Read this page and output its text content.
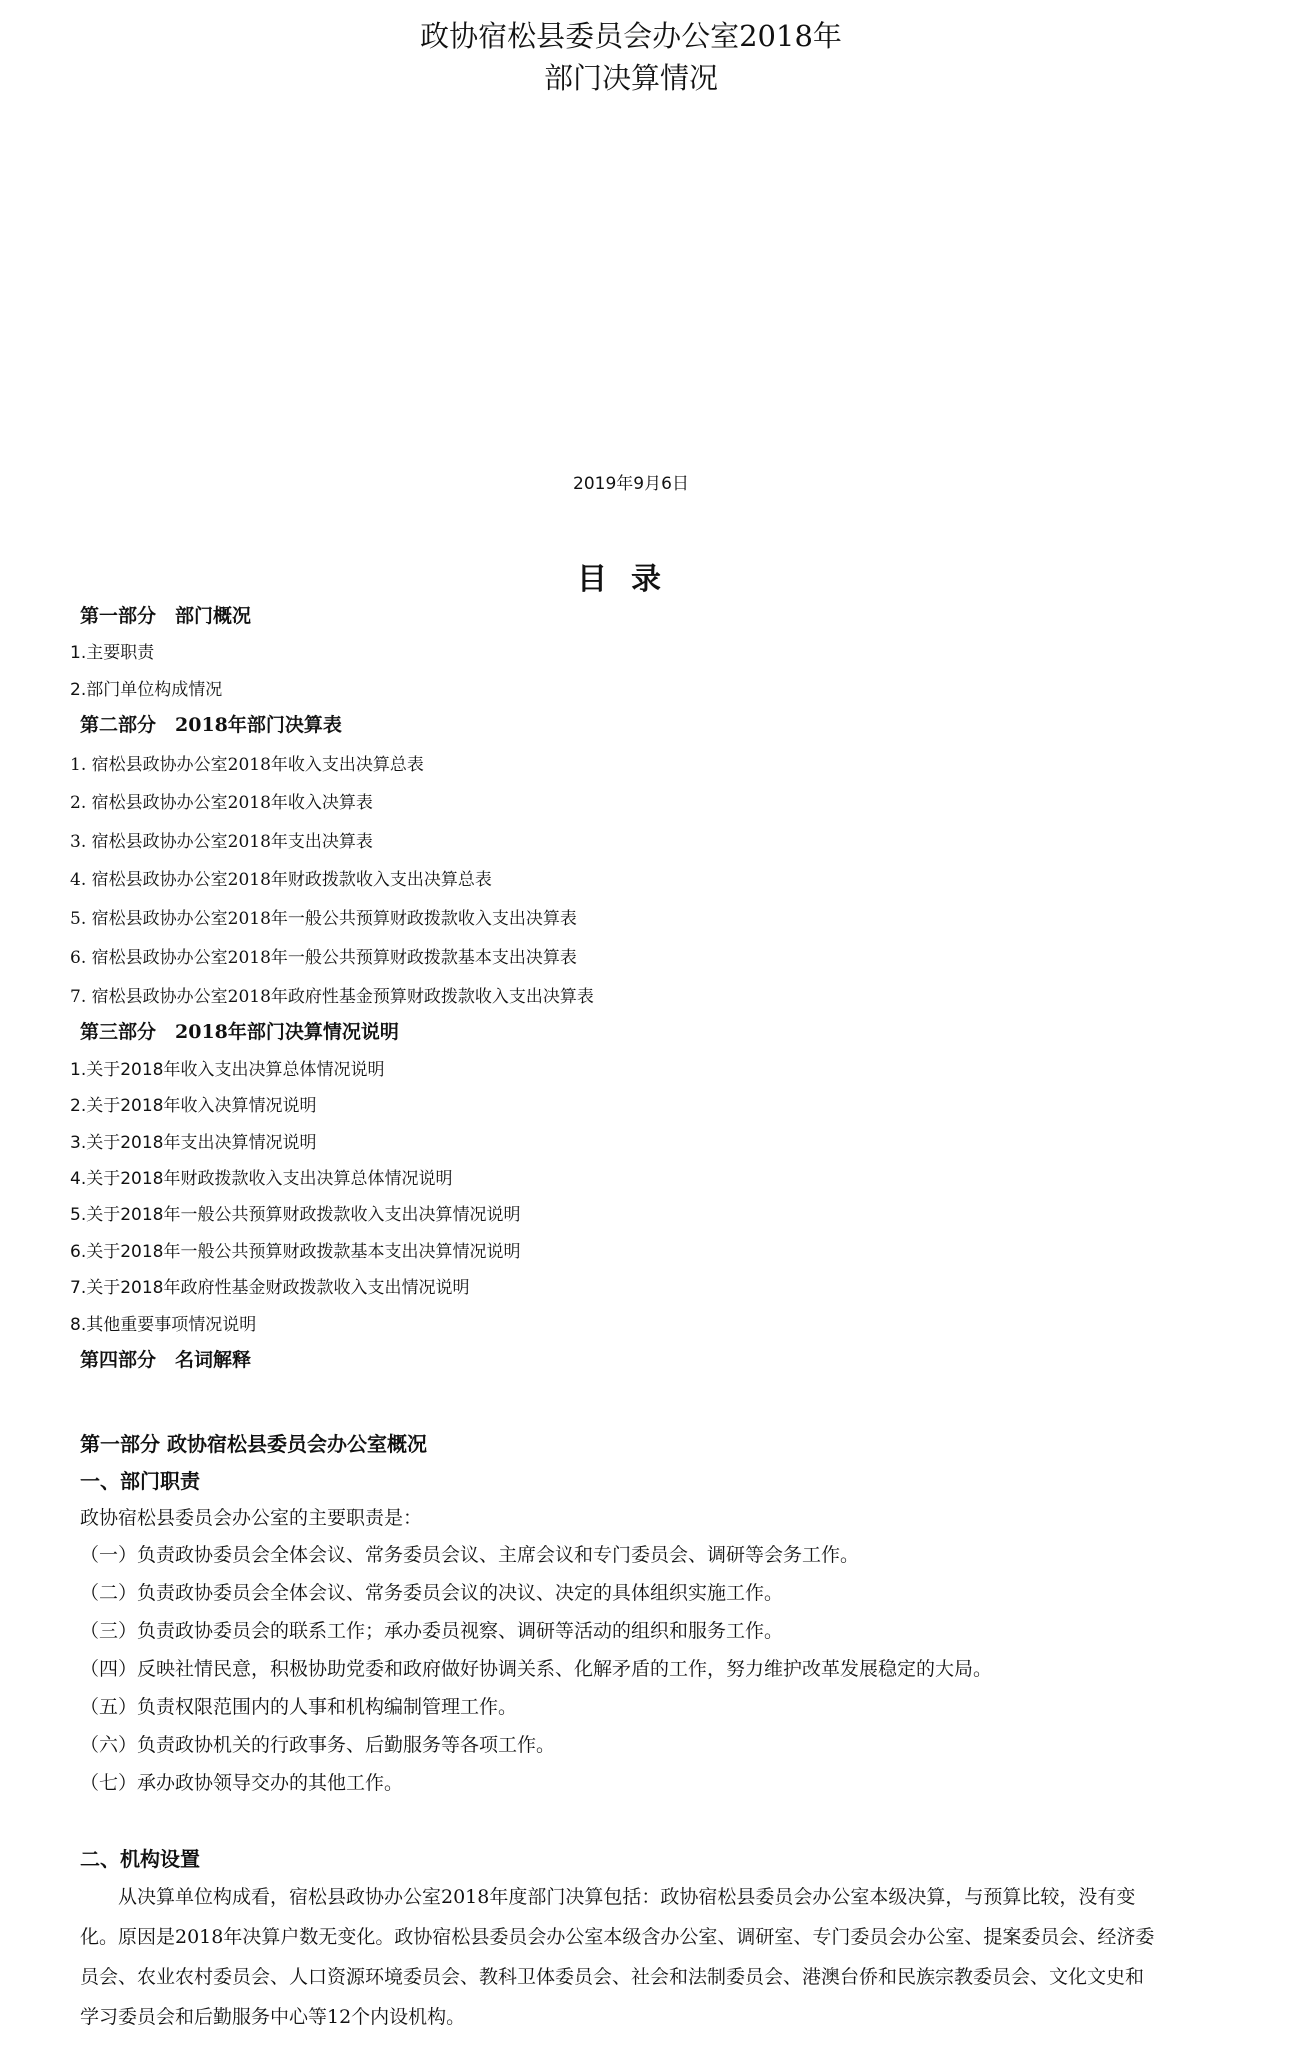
政协宿松县委员会办公室2018年
部门决算情况
2019年9月6日
目录
第一部分　部门概况
1.主要职责
2.部门单位构成情况
第二部分　2018年部门决算表
1. 宿松县政协办公室2018年收入支出决算总表
2. 宿松县政协办公室2018年收入决算表
3. 宿松县政协办公室2018年支出决算表
4. 宿松县政协办公室2018年财政拨款收入支出决算总表
5. 宿松县政协办公室2018年一般公共预算财政拨款收入支出决算表
6. 宿松县政协办公室2018年一般公共预算财政拨款基本支出决算表
7. 宿松县政协办公室2018年政府性基金预算财政拨款收入支出决算表
第三部分　2018年部门决算情况说明
1.关于2018年收入支出决算总体情况说明
2.关于2018年收入决算情况说明
3.关于2018年支出决算情况说明
4.关于2018年财政拨款收入支出决算总体情况说明
5.关于2018年一般公共预算财政拨款收入支出决算情况说明
6.关于2018年一般公共预算财政拨款基本支出决算情况说明
7.关于2018年政府性基金财政拨款收入支出情况说明
8.其他重要事项情况说明
第四部分　名词解释
第一部分 政协宿松县委员会办公室概况
一、部门职责
政协宿松县委员会办公室的主要职责是：
（一）负责政协委员会全体会议、常务委员会议、主席会议和专门委员会、调研等会务工作。
（二）负责政协委员会全体会议、常务委员会议的决议、决定的具体组织实施工作。
（三）负责政协委员会的联系工作；承办委员视察、调研等活动的组织和服务工作。
（四）反映社情民意，积极协助党委和政府做好协调关系、化解矛盾的工作，努力维护改革发展稳定的大局。
（五）负责权限范围内的人事和机构编制管理工作。
（六）负责政协机关的行政事务、后勤服务等各项工作。
（七）承办政协领导交办的其他工作。
二、机构设置
从决算单位构成看，宿松县政协办公室2018年度部门决算包括：政协宿松县委员会办公室本级决算，与预算比较，没有变
化。原因是2018年决算户数无变化。政协宿松县委员会办公室本级含办公室、调研室、专门委员会办公室、提案委员会、经济委
员会、农业农村委员会、人口资源环境委员会、教科卫体委员会、社会和法制委员会、港澳台侨和民族宗教委员会、文化文史和
学习委员会和后勤服务中心等12个内设机构。
